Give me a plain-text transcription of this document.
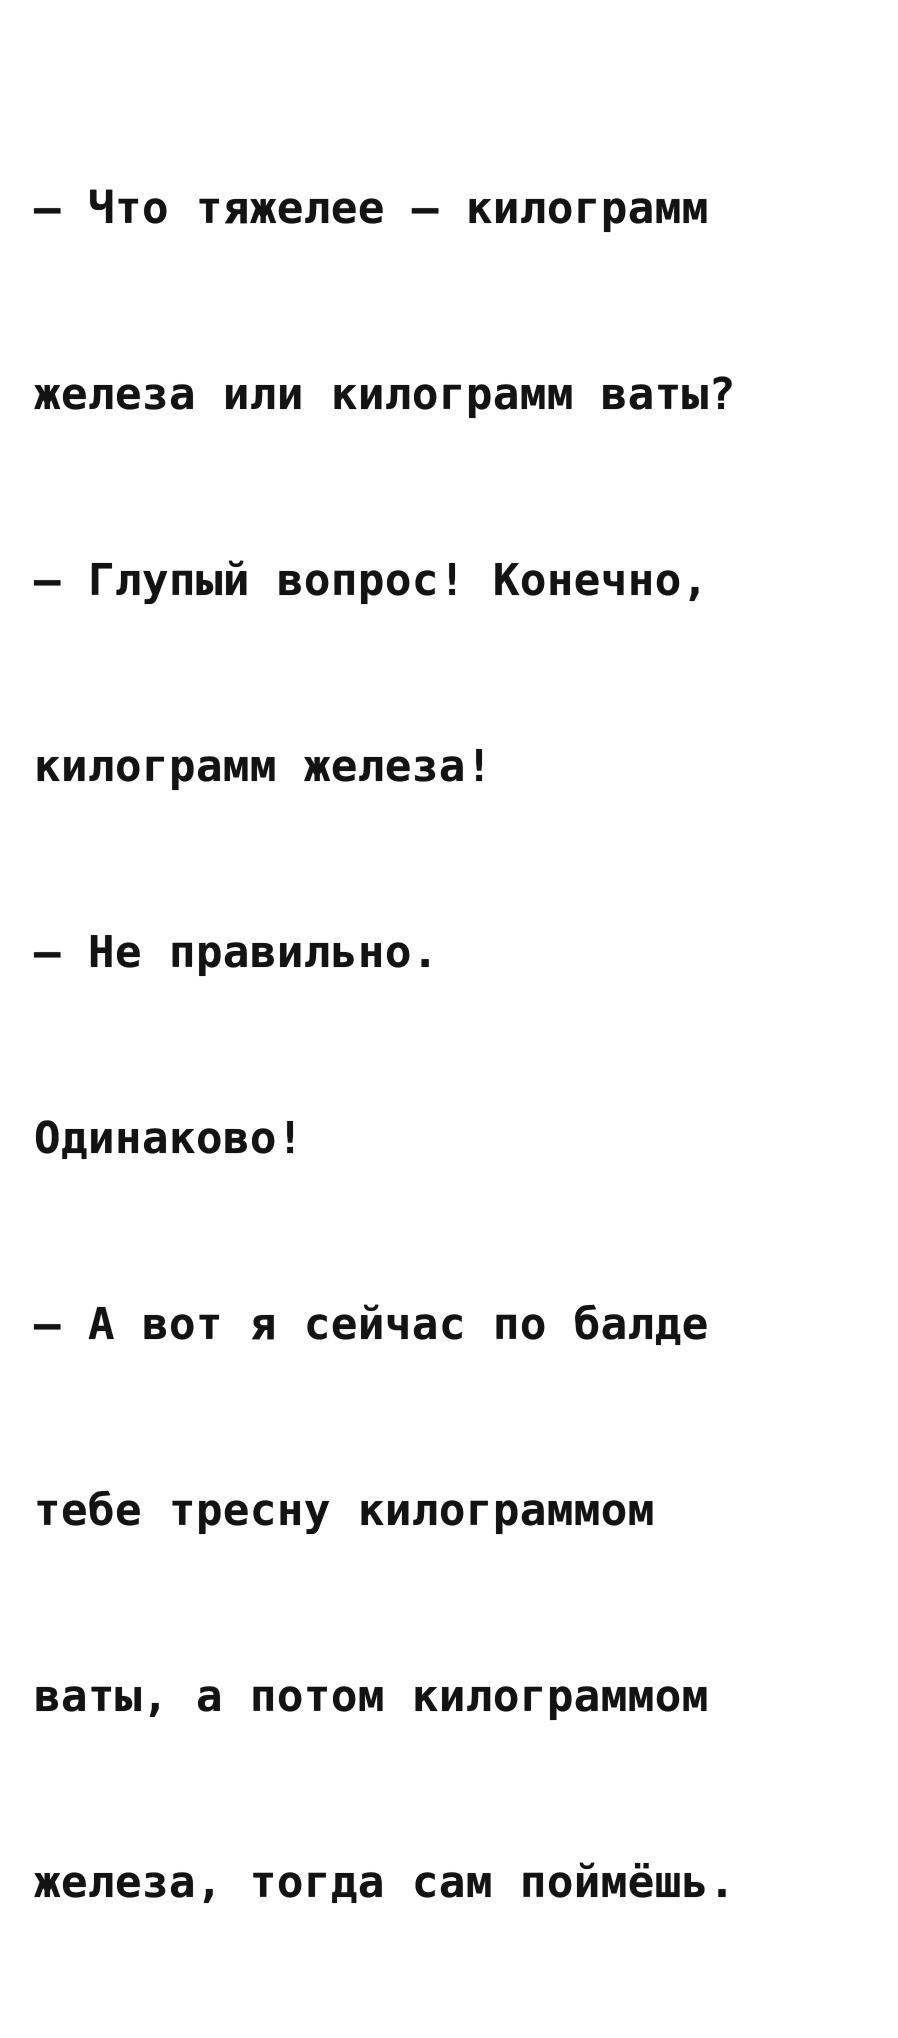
– Что тяжелее – килограмм

железа или килограмм ваты?

– Глупый вопрос! Конечно,

килограмм железа!

– Не правильно.

Одинаково!

– А вот я сейчас по балде

тебе тресну килограммом

ваты, а потом килограммом

железа, тогда сам поймёшь.
